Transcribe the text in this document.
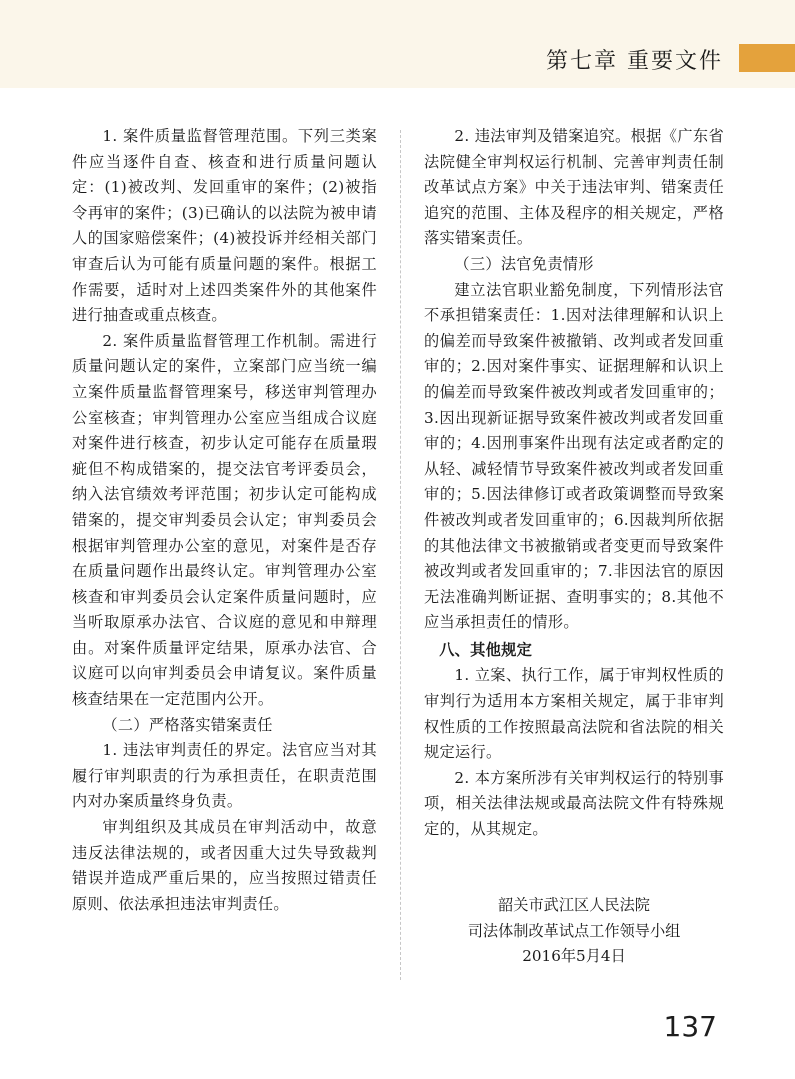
第七章 重要文件

1. 案件质量监督管理范围。下列三类案件应当逐件自查、核查和进行质量问题认定：(1)被改判、发回重审的案件；(2)被指令再审的案件；(3)已确认的以法院为被申请人的国家赔偿案件；(4)被投诉并经相关部门审查后认为可能有质量问题的案件。根据工作需要，适时对上述四类案件外的其他案件进行抽查或重点核查。

2. 案件质量监督管理工作机制。需进行质量问题认定的案件，立案部门应当统一编立案件质量监督管理案号，移送审判管理办公室核查；审判管理办公室应当组成合议庭对案件进行核查，初步认定可能存在质量瑕疵但不构成错案的，提交法官考评委员会，纳入法官绩效考评范围；初步认定可能构成错案的，提交审判委员会认定；审判委员会根据审判管理办公室的意见，对案件是否存在质量问题作出最终认定。审判管理办公室核查和审判委员会认定案件质量问题时，应当听取原承办法官、合议庭的意见和申辩理由。对案件质量评定结果，原承办法官、合议庭可以向审判委员会申请复议。案件质量核查结果在一定范围内公开。

（二）严格落实错案责任

1. 违法审判责任的界定。法官应当对其履行审判职责的行为承担责任，在职责范围内对办案质量终身负责。

审判组织及其成员在审判活动中，故意违反法律法规的，或者因重大过失导致裁判错误并造成严重后果的，应当按照过错责任原则、依法承担违法审判责任。

2. 违法审判及错案追究。根据《广东省法院健全审判权运行机制、完善审判责任制改革试点方案》中关于违法审判、错案责任追究的范围、主体及程序的相关规定，严格落实错案责任。

（三）法官免责情形

建立法官职业豁免制度，下列情形法官不承担错案责任：1.因对法律理解和认识上的偏差而导致案件被撤销、改判或者发回重审的；2.因对案件事实、证据理解和认识上的偏差而导致案件被改判或者发回重审的；3.因出现新证据导致案件被改判或者发回重审的；4.因刑事案件出现有法定或者酌定的从轻、减轻情节导致案件被改判或者发回重审的；5.因法律修订或者政策调整而导致案件被改判或者发回重审的；6.因裁判所依据的其他法律文书被撤销或者变更而导致案件被改判或者发回重审的；7.非因法官的原因无法准确判断证据、查明事实的；8.其他不应当承担责任的情形。

八、其他规定

1. 立案、执行工作，属于审判权性质的审判行为适用本方案相关规定，属于非审判权性质的工作按照最高法院和省法院的相关规定运行。

2. 本方案所涉有关审判权运行的特别事项，相关法律法规或最高法院文件有特殊规定的，从其规定。

韶关市武江区人民法院
司法体制改革试点工作领导小组
2016年5月4日
137
